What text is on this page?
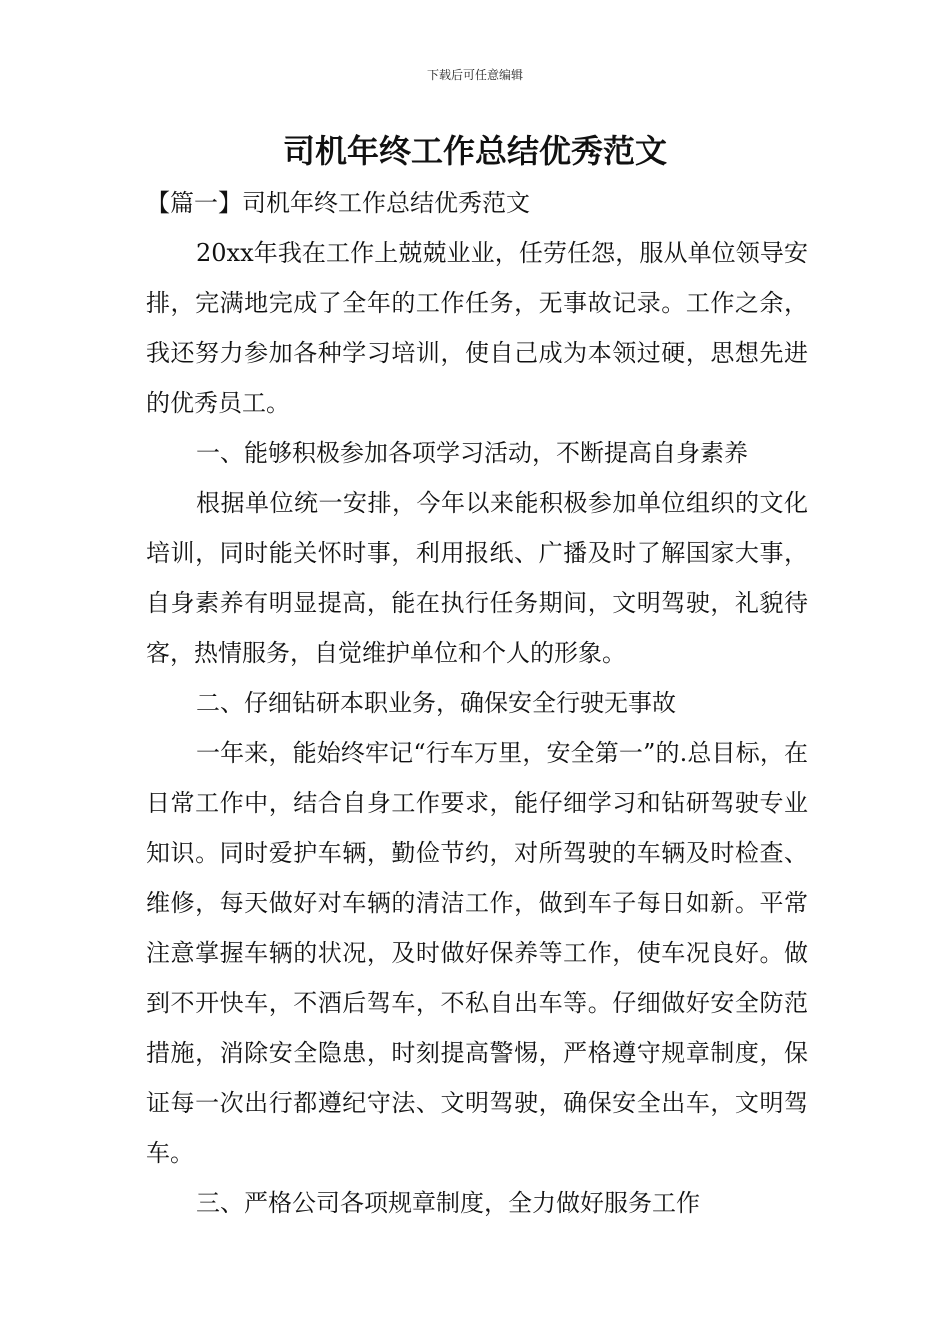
下载后可任意编辑
司机年终工作总结优秀范文

【篇一】司机年终工作总结优秀范文

20xx年我在工作上兢兢业业，任劳任怨，服从单位领导安排，完满地完成了全年的工作任务，无事故记录。工作之余，我还努力参加各种学习培训，使自己成为本领过硬，思想先进的优秀员工。

一、能够积极参加各项学习活动，不断提高自身素养

根据单位统一安排，今年以来能积极参加单位组织的文化培训，同时能关怀时事，利用报纸、广播及时了解国家大事，自身素养有明显提高，能在执行任务期间，文明驾驶，礼貌待客，热情服务，自觉维护单位和个人的形象。

二、仔细钻研本职业务，确保安全行驶无事故

一年来，能始终牢记“行车万里，安全第一”的.总目标，在日常工作中，结合自身工作要求，能仔细学习和钻研驾驶专业知识。同时爱护车辆，勤俭节约，对所驾驶的车辆及时检查、维修，每天做好对车辆的清洁工作，做到车子每日如新。平常注意掌握车辆的状况，及时做好保养等工作，使车况良好。做到不开快车，不酒后驾车，不私自出车等。仔细做好安全防范措施，消除安全隐患，时刻提高警惕，严格遵守规章制度，保证每一次出行都遵纪守法、文明驾驶，确保安全出车，文明驾车。

三、严格公司各项规章制度，全力做好服务工作
